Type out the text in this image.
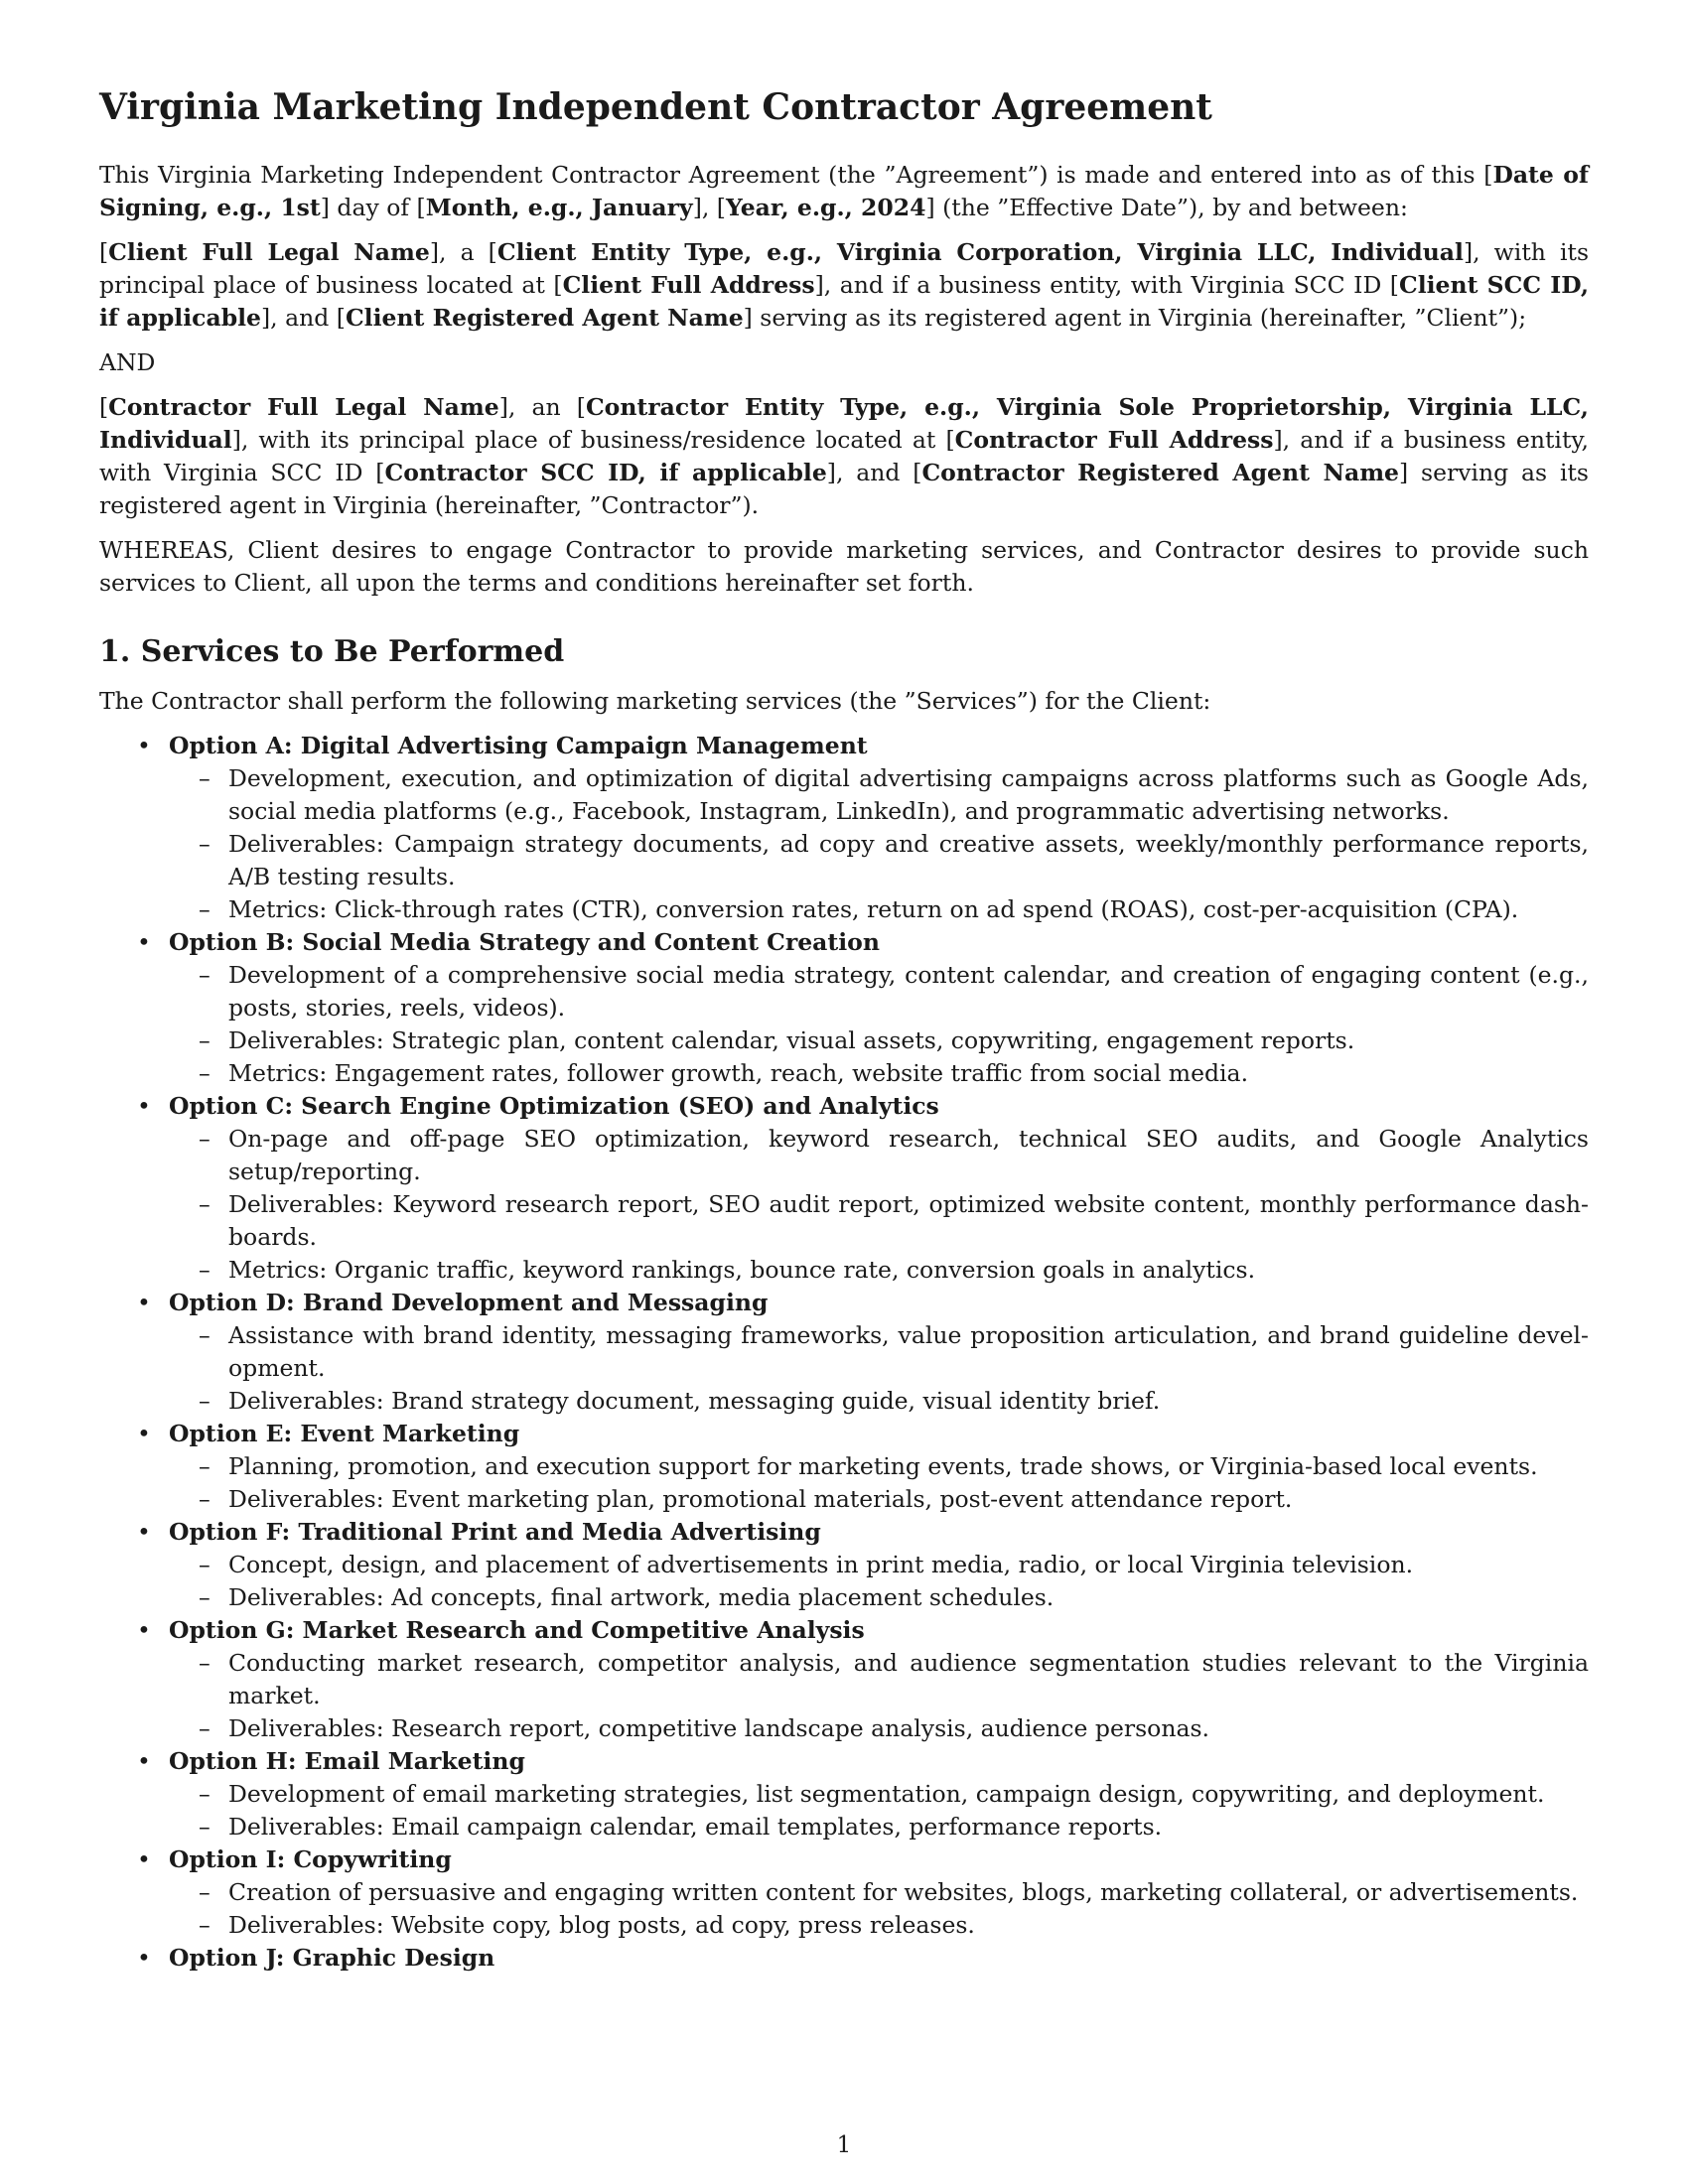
Virginia Marketing Independent Contractor Agreement

This Virginia Marketing Independent Contractor Agreement (the ”Agreement”) is made and entered into as of this [Date of Signing, e.g., 1st] day of [Month, e.g., January], [Year, e.g., 2024] (the ”Effective Date”), by and between:

[Client Full Legal Name], a [Client Entity Type, e.g., Virginia Corporation, Virginia LLC, Individual], with its principal place of business located at [Client Full Address], and if a business entity, with Virginia SCC ID [Client SCC ID, if applicable], and [Client Registered Agent Name] serving as its registered agent in Virginia (hereinafter, ”Client”);

AND

[Contractor Full Legal Name], an [Contractor Entity Type, e.g., Virginia Sole Proprietorship, Virginia LLC, Individual], with its principal place of business/residence located at [Contractor Full Address], and if a business entity, with Virginia SCC ID [Contractor SCC ID, if applicable], and [Contractor Registered Agent Name] serving as its registered agent in Virginia (hereinafter, ”Contractor”).

WHEREAS, Client desires to engage Contractor to provide marketing services, and Contractor desires to provide such services to Client, all upon the terms and conditions hereinafter set forth.

1. Services to Be Performed

The Contractor shall perform the following marketing services (the ”Services”) for the Client:

• Option A: Digital Advertising Campaign Management
– Development, execution, and optimization of digital advertising campaigns across platforms such as Google Ads, social media platforms (e.g., Facebook, Instagram, LinkedIn), and programmatic advertising networks.
– Deliverables: Campaign strategy documents, ad copy and creative assets, weekly/monthly performance reports, A/B testing results.
– Metrics: Click-through rates (CTR), conversion rates, return on ad spend (ROAS), cost-per-acquisition (CPA).
• Option B: Social Media Strategy and Content Creation
– Development of a comprehensive social media strategy, content calendar, and creation of engaging content (e.g., posts, stories, reels, videos).
– Deliverables: Strategic plan, content calendar, visual assets, copywriting, engagement reports.
– Metrics: Engagement rates, follower growth, reach, website traffic from social media.
• Option C: Search Engine Optimization (SEO) and Analytics
– On-page and off-page SEO optimization, keyword research, technical SEO audits, and Google Analytics setup/reporting.
– Deliverables: Keyword research report, SEO audit report, optimized website content, monthly performance dashboards.
– Metrics: Organic traffic, keyword rankings, bounce rate, conversion goals in analytics.
• Option D: Brand Development and Messaging
– Assistance with brand identity, messaging frameworks, value proposition articulation, and brand guideline development.
– Deliverables: Brand strategy document, messaging guide, visual identity brief.
• Option E: Event Marketing
– Planning, promotion, and execution support for marketing events, trade shows, or Virginia-based local events.
– Deliverables: Event marketing plan, promotional materials, post-event attendance report.
• Option F: Traditional Print and Media Advertising
– Concept, design, and placement of advertisements in print media, radio, or local Virginia television.
– Deliverables: Ad concepts, final artwork, media placement schedules.
• Option G: Market Research and Competitive Analysis
– Conducting market research, competitor analysis, and audience segmentation studies relevant to the Virginia market.
– Deliverables: Research report, competitive landscape analysis, audience personas.
• Option H: Email Marketing
– Development of email marketing strategies, list segmentation, campaign design, copywriting, and deployment.
– Deliverables: Email campaign calendar, email templates, performance reports.
• Option I: Copywriting
– Creation of persuasive and engaging written content for websites, blogs, marketing collateral, or advertisements.
– Deliverables: Website copy, blog posts, ad copy, press releases.
• Option J: Graphic Design
1
